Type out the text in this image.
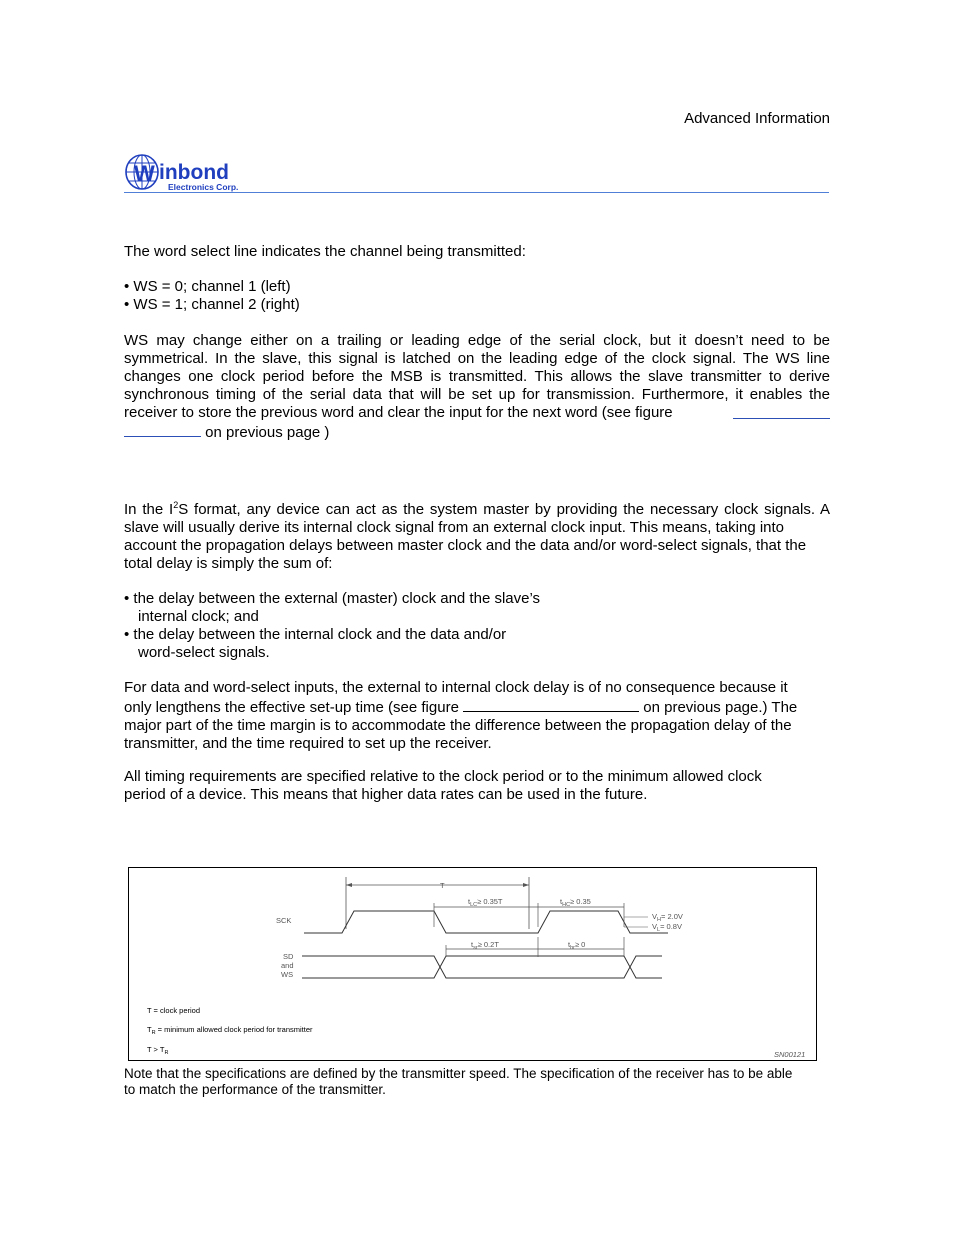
Advanced Information
W inbond
Electronics Corp.
The word select line indicates the channel being transmitted:
• WS = 0; channel 1 (left)
• WS = 1; channel 2 (right)
WS may change either on a trailing or leading edge of the serial clock, but it doesn’t need to be
symmetrical. In the slave, this signal is latched on the leading edge of the clock signal. The WS line
changes one clock period before the MSB is transmitted. This allows the slave transmitter to derive
synchronous timing of the serial data that will be set up for transmission. Furthermore, it enables the
receiver to store the previous word and clear the input for the next word (see figure
on previous page )
In the $I^2S$ format, any device can act as the system master by providing the necessary clock signals. A
slave will usually derive its internal clock signal from an external clock input. This means, taking into
account the propagation delays between master clock and the data and/or word-select signals, that the
total delay is simply the sum of:
• the delay between the external (master) clock and the slave’s
internal clock; and
• the delay between the internal clock and the data and/or
word-select signals.
For data and word-select inputs, the external to internal clock delay is of no consequence because it
only lengthens the effective set-up time (see figure	on previous page.) The
major part of the time margin is to accommodate the difference between the propagation delay of the
transmitter, and the time required to set up the receiver.
All timing requirements are specified relative to the clock period or to the minimum allowed clock
period of a device. This means that higher data rates can be used in the future.
T
SCK
$t_{LC}\ge 0.35T$	$t_{HC}\ge 0.35$
$V_H= 2.0V$
$V_L= 0.8V$
SD
and
WS
$t_{sr}\ge 0.2T$	$t_{hr}\ge 0$
T = clock period
$T_R$ = minimum allowed clock period for transmitter
$T > T_R$	SN00121
Note that the specifications are defined by the transmitter speed. The specification of the receiver has to be able
to match the performance of the transmitter.
